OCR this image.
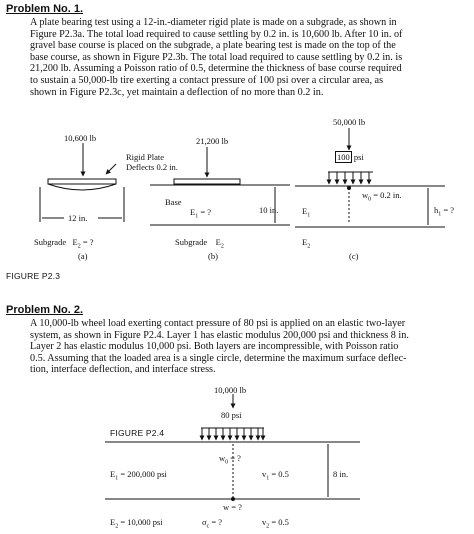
Problem No. 1.
A plate bearing test using a 12-in.-diameter rigid plate is made on a subgrade, as shown in
Figure P2.3a. The total load required to cause settling by 0.2 in. is 10,600 lb. After 10 in. of
gravel base course is placed on the subgrade, a plate bearing test is made on the top of the
base course, as shown in Figure P2.3b. The total load required to cause settling by 0.2 in. is
21,200 lb. Assuming a Poisson ratio of 0.5, determine the thickness of base course required
to sustain a 50,000-lb tire exerting a contact pressure of 100 psi over a circular area, as
shown in Figure P2.3c, yet maintain a deflection of no more than 0.2 in.
10,600 lb
Rigid Plate
Deflects 0.2 in.
12 in.
Subgrade $E_2$ = ?
(a)
21,200 lb
Base
$E_1$ = ?	10 in.
Subgrade $E_2$
(b)
50,000 lb
100 psi
$w_0 = 0.2$ in.
$E_1$
$h_1$ = ?
$E_2$
(c)
FIGURE P2.3
Problem No. 2.
A 10,000-lb wheel load exerting contact pressure of 80 psi is applied on an elastic two-layer
system, as shown in Figure P2.4. Layer 1 has elastic modulus 200,000 psi and thickness 8 in.
Layer 2 has elastic modulus 10,000 psi. Both layers are incompressible, with Poisson ratio
0.5. Assuming that the loaded area is a single circle, determine the maximum surface deflec-
tion, interface deflection, and interface stress.
10,000 lb
80 psi
FIGURE P2.4
$w_0$ = ?
$E_1 = 200,000$ psi	$v_1 = 0.5$	8 in.
w = ?
$E_2 = 10,000$ psi	$\sigma_c$ = ?	$v_2 = 0.5$
